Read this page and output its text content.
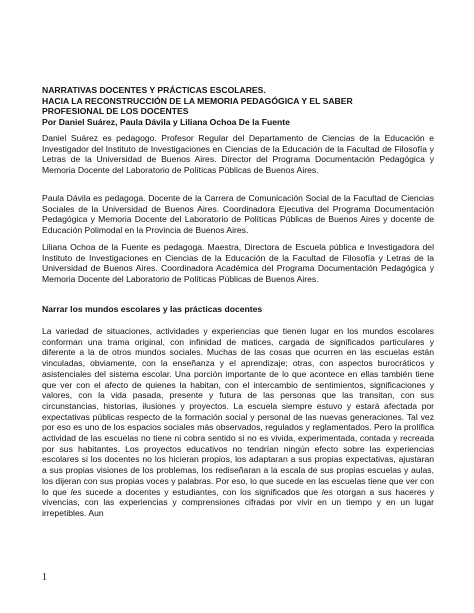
NARRATIVAS DOCENTES Y PRÁCTICAS ESCOLARES.
HACIA LA RECONSTRUCCIÓN DE LA MEMORIA PEDAGÓGICA Y EL SABER
PROFESIONAL DE LOS DOCENTES
Por Daniel Suárez, Paula Dávila y Liliana Ochoa De la Fuente

Daniel Suárez es pedagogo. Profesor Regular del Departamento de Ciencias de la Educación e Investigador del Instituto de Investigaciones en Ciencias de la Educación de la Facultad de Filosofía y Letras de la Universidad de Buenos Aires. Director del Programa Documentación Pedagógica y Memoria Docente del Laboratorio de Políticas Públicas de Buenos Aires.

Paula Dávila es pedagoga. Docente de la Carrera de Comunicación Social de la Facultad de Ciencias Sociales de la Universidad de Buenos Aires. Coordinadora Ejecutiva del Programa Documentación Pedagógica y Memoria Docente del Laboratorio de Políticas Públicas de Buenos Aires y docente de Educación Polimodal en la Provincia de Buenos Aires.

Liliana Ochoa de la Fuente es pedagoga. Maestra, Directora de Escuela pública e Investigadora del Instituto de Investigaciones en Ciencias de la Educación de la Facultad de Filosofía y Letras de la Universidad de Buenos Aires. Coordinadora Académica del Programa Documentación Pedagógica y Memoria Docente del Laboratorio de Políticas Públicas de Buenos Aires.

Narrar los mundos escolares y las prácticas docentes

La variedad de situaciones, actividades y experiencias que tienen lugar en los mundos escolares conforman una trama original, con infinidad de matices, cargada de significados particulares y diferente a la de otros mundos sociales. Muchas de las cosas que ocurren en las escuelas están vinculadas, obviamente, con la enseñanza y el aprendizaje; otras, con aspectos burocráticos y asistenciales del sistema escolar. Una porción importante de lo que acontece en ellas también tiene que ver con el afecto de quienes la habitan, con el intercambio de sentimientos, significaciones y valores, con la vida pasada, presente y futura de las personas que las transitan, con sus circunstancias, historias, ilusiones y proyectos. La escuela siempre estuvo y estará afectada por expectativas públicas respecto de la formación social y personal de las nuevas generaciones. Tal vez por eso es uno de los espacios sociales más observados, regulados y reglamentados. Pero la prolífica actividad de las escuelas no tiene ni cobra sentido si no es vivida, experimentada, contada y recreada por sus habitantes. Los proyectos educativos no tendrían ningún efecto sobre las experiencias escolares si los docentes no los hicieran propios, los adaptaran a sus propias expectativas, ajustaran a sus propias visiones de los problemas, los rediseñaran a la escala de sus propias escuelas y aulas, los dijeran con sus propias voces y palabras. Por eso, lo que sucede en las escuelas tiene que ver con lo que les sucede a docentes y estudiantes, con los significados que les otorgan a sus haceres y vivencias, con las experiencias y comprensiones cifradas por vivir en un tiempo y en un lugar irrepetibles. Aun

1
